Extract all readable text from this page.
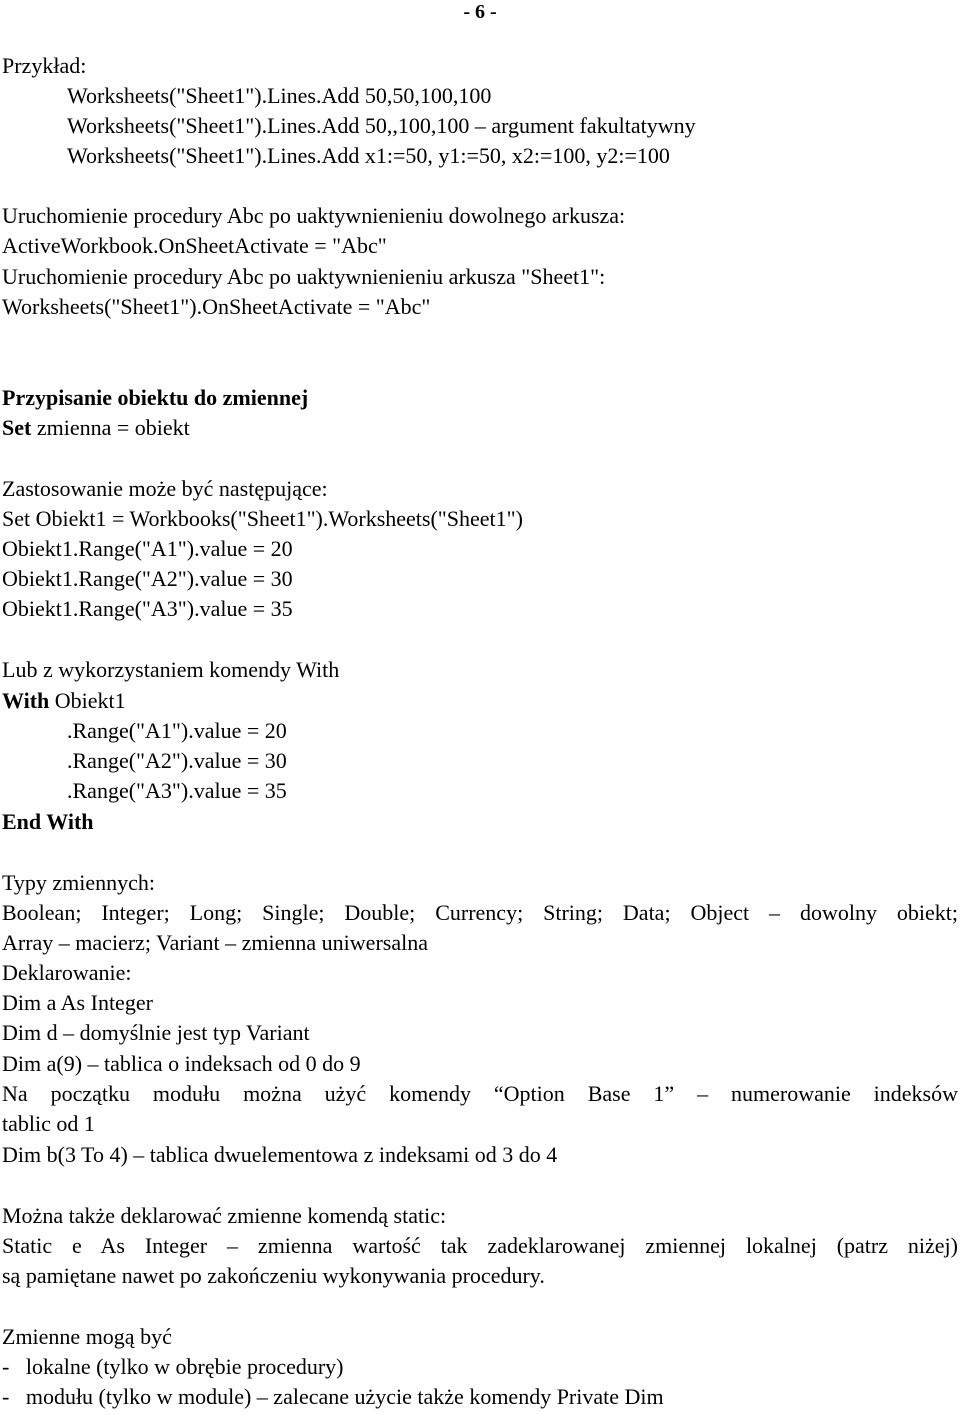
- 6 -
Przykład:
Worksheets("Sheet1").Lines.Add 50,50,100,100
Worksheets("Sheet1").Lines.Add 50,,100,100 – argument fakultatywny
Worksheets("Sheet1").Lines.Add x1:=50, y1:=50, x2:=100, y2:=100
Uruchomienie procedury Abc po uaktywnienieniu dowolnego arkusza:
ActiveWorkbook.OnSheetActivate = "Abc"
Uruchomienie procedury Abc po uaktywnienieniu arkusza "Sheet1":
Worksheets("Sheet1").OnSheetActivate = "Abc"
Przypisanie obiektu do zmiennej
Set zmienna = obiekt
Zastosowanie może być następujące:
Set Obiekt1 = Workbooks("Sheet1").Worksheets("Sheet1")
Obiekt1.Range("A1").value = 20
Obiekt1.Range("A2").value = 30
Obiekt1.Range("A3").value = 35
Lub z wykorzystaniem komendy With
With Obiekt1
.Range("A1").value = 20
.Range("A2").value = 30
.Range("A3").value = 35
End With
Typy zmiennych:
Boolean; Integer; Long; Single; Double; Currency; String; Data; Object – dowolny obiekt;
Array – macierz; Variant – zmienna uniwersalna
Deklarowanie:
Dim a As Integer
Dim d – domyślnie jest typ Variant
Dim a(9) – tablica o indeksach od 0 do 9
Na początku modułu można użyć komendy “Option Base 1” – numerowanie indeksów
tablic od 1
Dim b(3 To 4) – tablica dwuelementowa z indeksami od 3 do 4
Można także deklarować zmienne komendą static:
Static e As Integer – zmienna wartość tak zadeklarowanej zmiennej lokalnej (patrz niżej)
są pamiętane nawet po zakończeniu wykonywania procedury.
Zmienne mogą być
-   lokalne (tylko w obrębie procedury)
-   modułu (tylko w module) – zalecane użycie także komendy Private Dim
